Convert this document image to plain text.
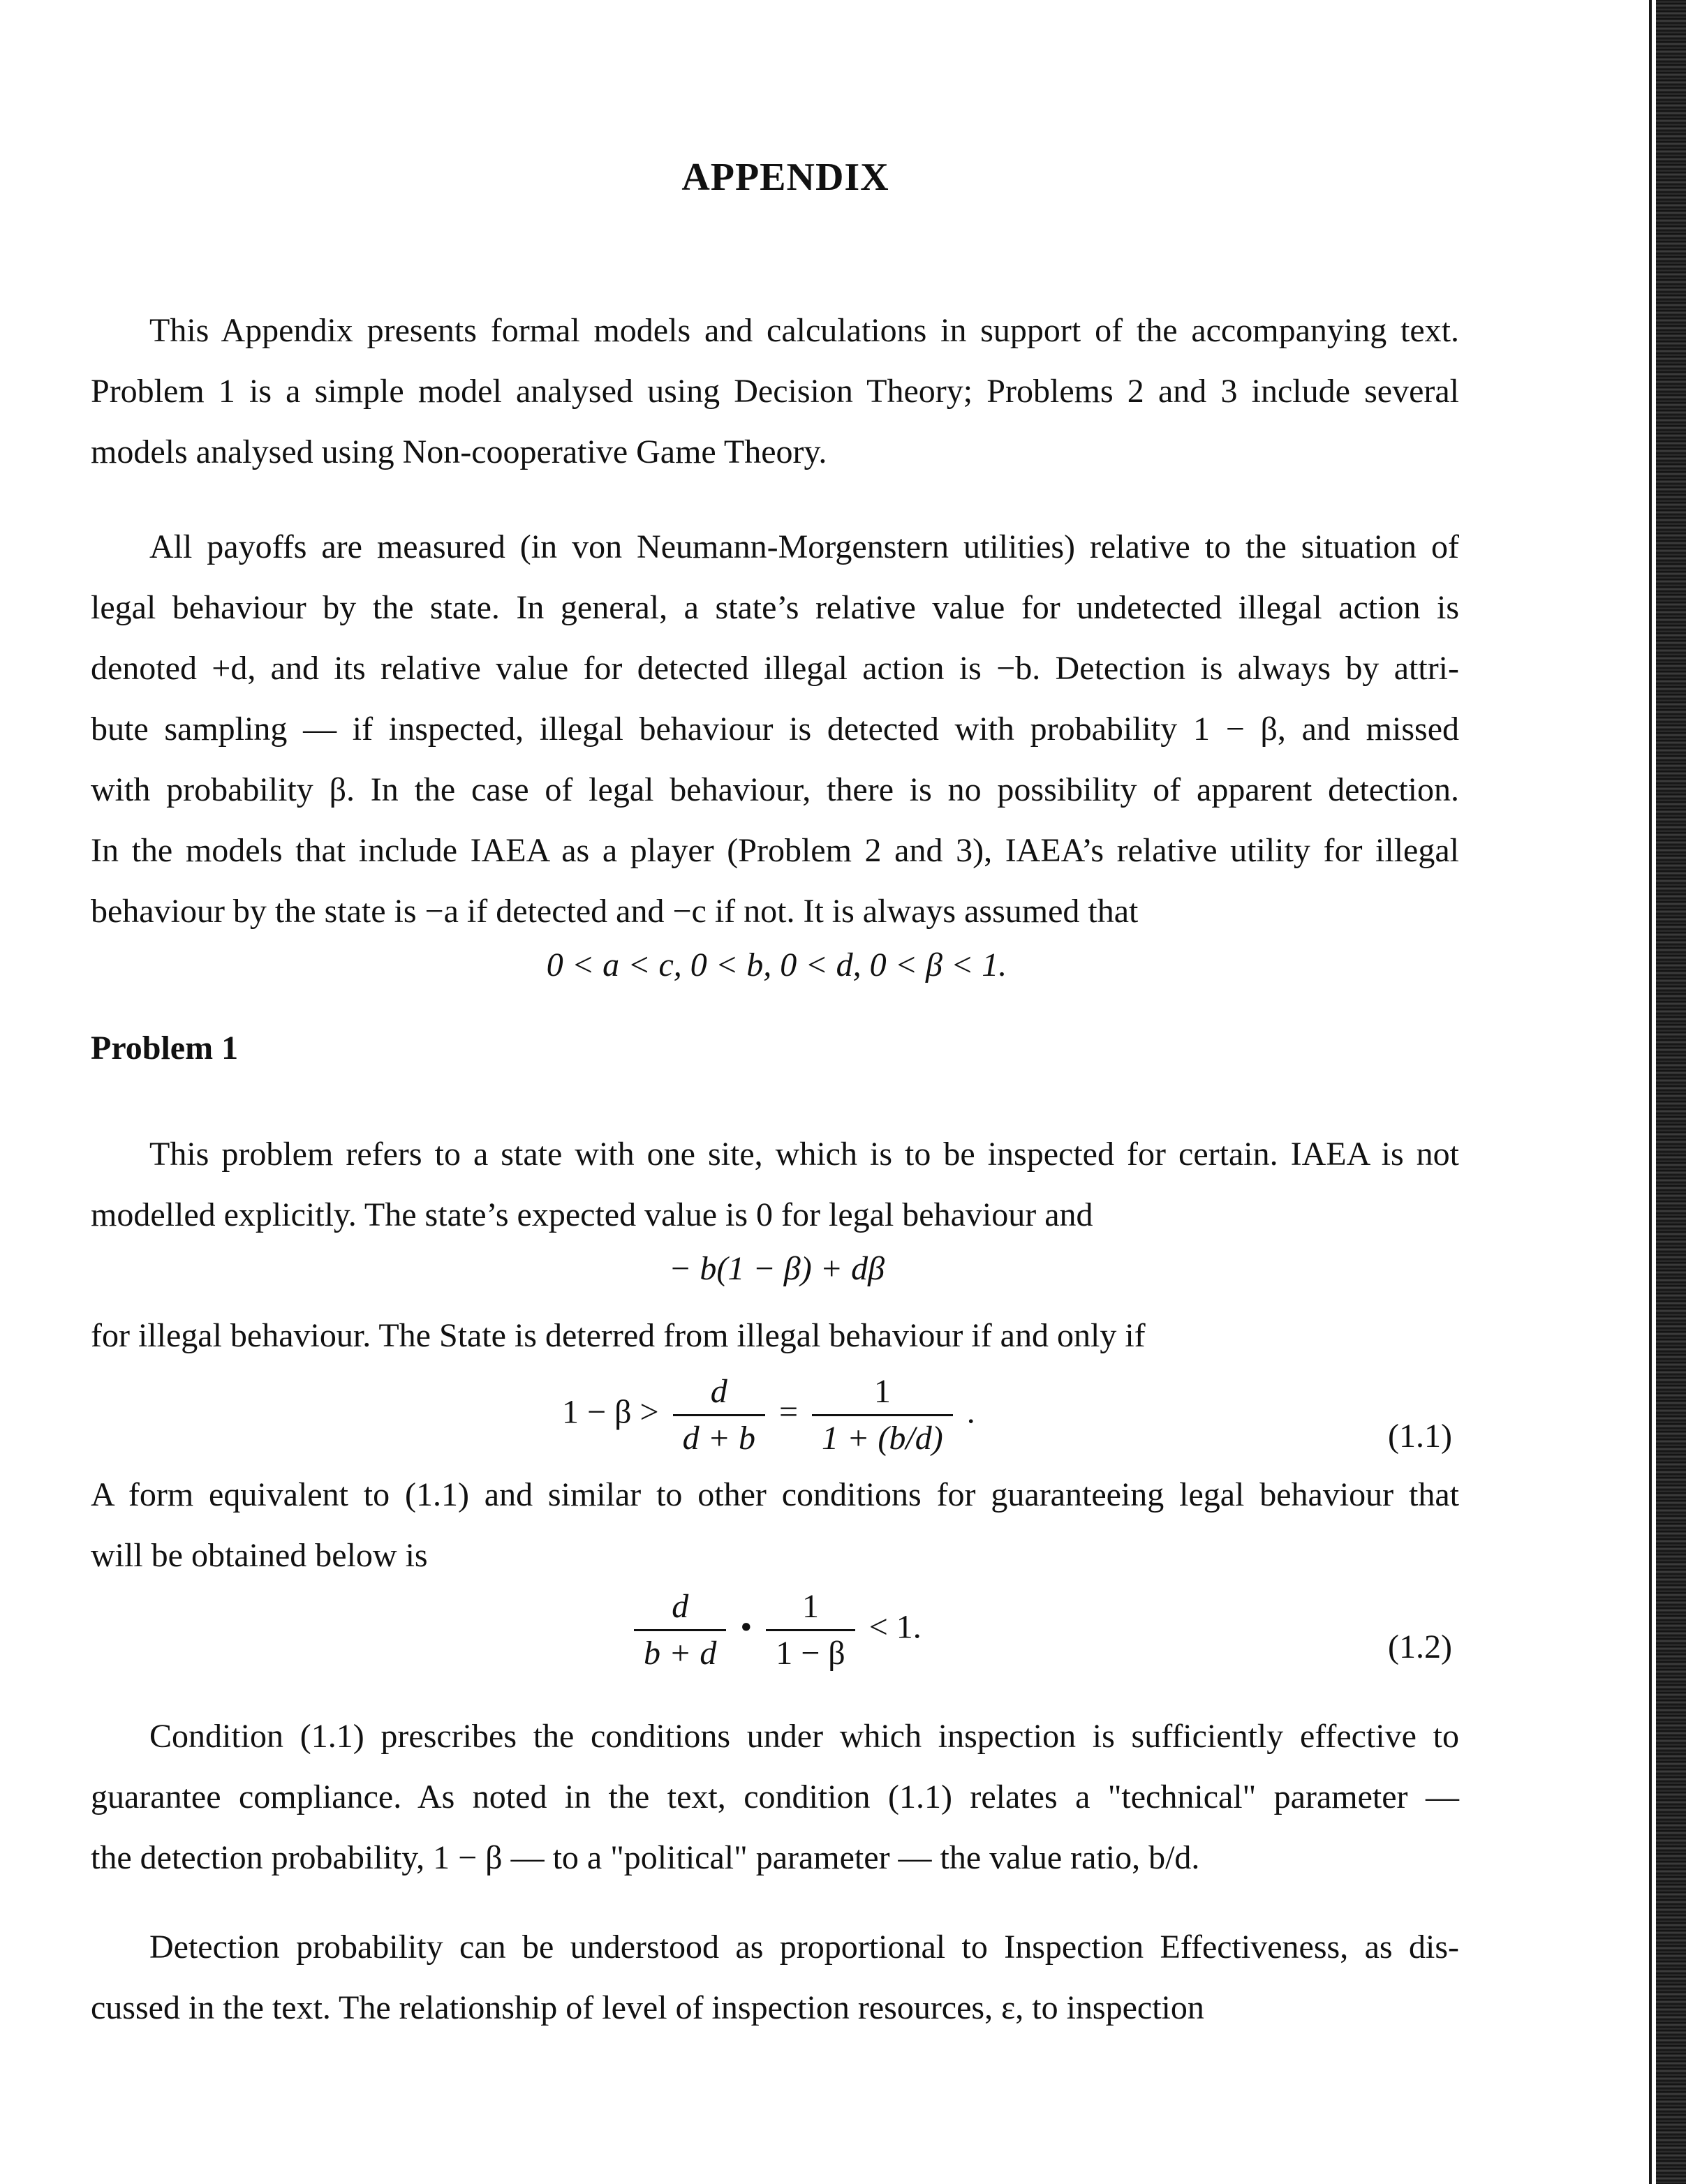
APPENDIX
This Appendix presents formal models and calculations in support of the accompanying text.
Problem 1 is a simple model analysed using Decision Theory; Problems 2 and 3 include several
models analysed using Non-cooperative Game Theory.
All payoffs are measured (in von Neumann-Morgenstern utilities) relative to the situation of
legal behaviour by the state. In general, a state’s relative value for undetected illegal action is
denoted +d, and its relative value for detected illegal action is −b. Detection is always by attri-
bute sampling — if inspected, illegal behaviour is detected with probability 1 − β, and missed
with probability β. In the case of legal behaviour, there is no possibility of apparent detection.
In the models that include IAEA as a player (Problem 2 and 3), IAEA’s relative utility for illegal
behaviour by the state is −a if detected and −c if not. It is always assumed that
0 < a < c, 0 < b, 0 < d, 0 < β < 1.
Problem 1
This problem refers to a state with one site, which is to be inspected for certain. IAEA is not
modelled explicitly. The state’s expected value is 0 for legal behaviour and
− b(1 − β) + dβ
for illegal behaviour. The State is deterred from illegal behaviour if and only if
$1 - \beta > \frac{d}{d + b} = \frac{1}{1 + (b/d)}$ .
(1.1)
A form equivalent to (1.1) and similar to other conditions for guaranteeing legal behaviour that
will be obtained below is
$\frac{d}{b + d}$ • $\frac{1}{1 - \beta} < 1$.
(1.2)
Condition (1.1) prescribes the conditions under which inspection is sufficiently effective to
guarantee compliance. As noted in the text, condition (1.1) relates a "technical" parameter —
the detection probability, 1 − β — to a "political" parameter — the value ratio, b/d.
Detection probability can be understood as proportional to Inspection Effectiveness, as dis-
cussed in the text. The relationship of level of inspection resources, ε, to inspection
